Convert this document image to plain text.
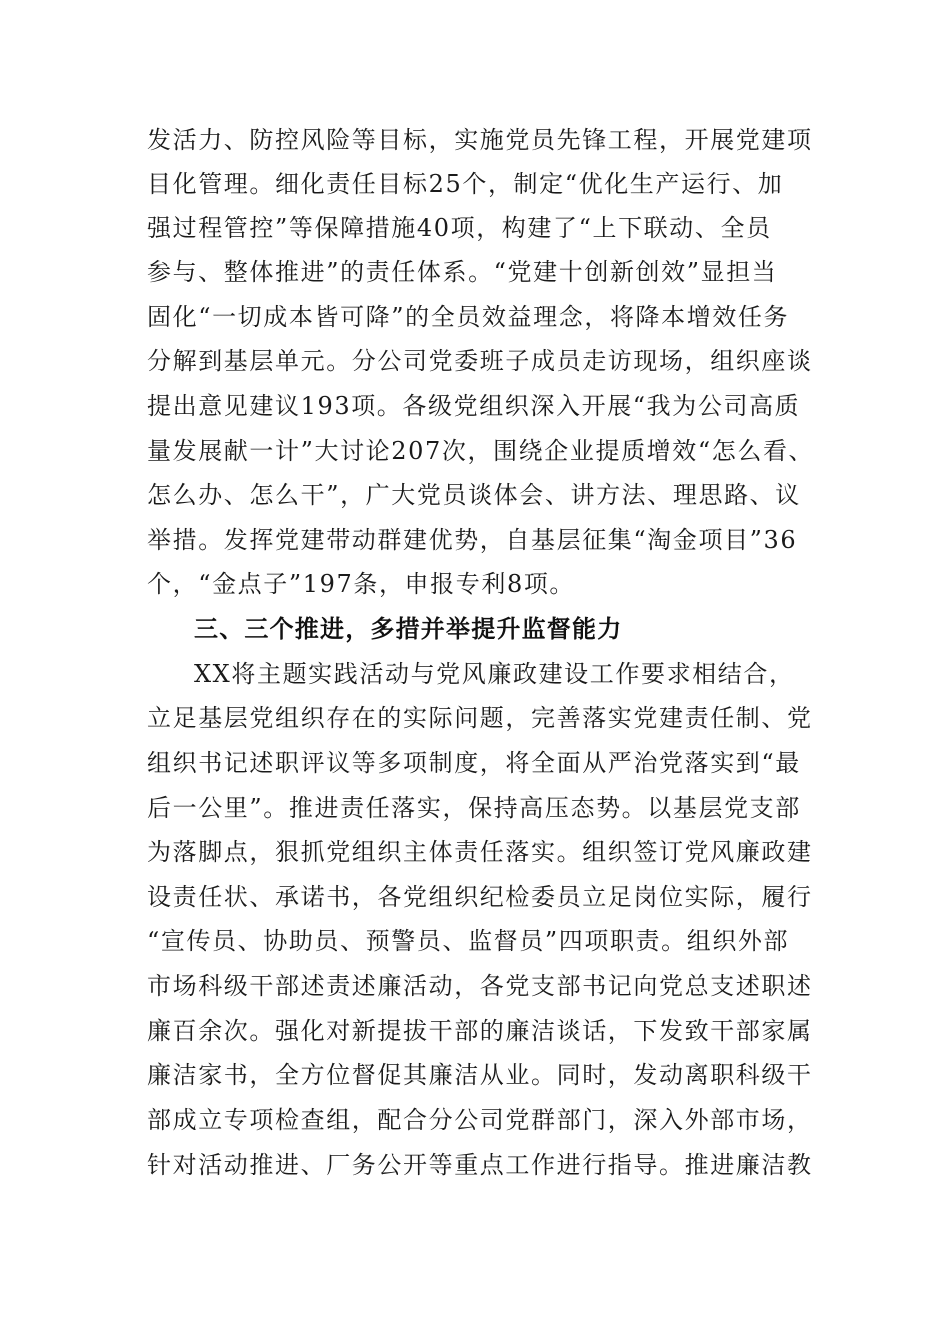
发活力、防控风险等目标，实施党员先锋工程，开展党建项
目化管理。细化责任目标25个，制定“优化生产运行、加
强过程管控”等保障措施40项，构建了“上下联动、全员
参与、整体推进”的责任体系。“党建十创新创效”显担当
固化“一切成本皆可降”的全员效益理念，将降本增效任务
分解到基层单元。分公司党委班子成员走访现场，组织座谈
提出意见建议193项。各级党组织深入开展“我为公司高质
量发展献一计”大讨论207次，围绕企业提质增效“怎么看、
怎么办、怎么干”，广大党员谈体会、讲方法、理思路、议
举措。发挥党建带动群建优势，自基层征集“淘金项目”36
个，“金点子”197条，申报专利8项。
三、三个推进，多措并举提升监督能力
XX将主题实践活动与党风廉政建设工作要求相结合，
立足基层党组织存在的实际问题，完善落实党建责任制、党
组织书记述职评议等多项制度，将全面从严治党落实到“最
后一公里”。推进责任落实，保持高压态势。以基层党支部
为落脚点，狠抓党组织主体责任落实。组织签订党风廉政建
设责任状、承诺书，各党组织纪检委员立足岗位实际，履行
“宣传员、协助员、预警员、监督员”四项职责。组织外部
市场科级干部述责述廉活动，各党支部书记向党总支述职述
廉百余次。强化对新提拔干部的廉洁谈话，下发致干部家属
廉洁家书，全方位督促其廉洁从业。同时，发动离职科级干
部成立专项检查组，配合分公司党群部门，深入外部市场，
针对活动推进、厂务公开等重点工作进行指导。推进廉洁教
